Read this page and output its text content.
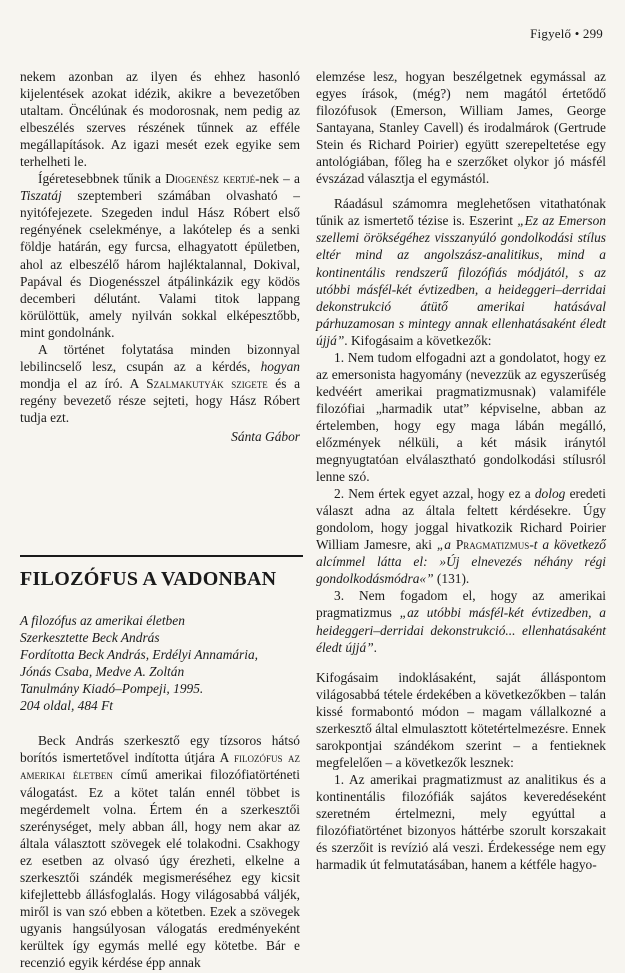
Figyelő • 299

nekem azonban az ilyen és ehhez hasonló kijelentések azokat idézik, akikre a bevezetőben utaltam. Öncélúnak és modorosnak, nem pedig az elbeszélés szerves részének tűnnek az efféle megállapítások. Az igazi mesét ezek egyike sem terhelheti le.

Ígéretesebbnek tűnik a Diogenész kertjé-nek – a Tiszatáj szeptemberi számában olvasható – nyitófejezete. Szegeden indul Hász Róbert első regényének cselekménye, a lakótelep és a senki földje határán, egy furcsa, elhagyatott épületben, ahol az elbeszélő három hajléktalannal, Dokival, Papával és Diogenésszel átpálinkázik egy ködös decemberi délutánt. Valami titok lappang körülöttük, amely nyilván sokkal elképesztőbb, mint gondolnánk.

A történet folytatása minden bizonnyal lebilincselő lesz, csupán az a kérdés, hogyan mondja el az író. A Szalmakutyák szigete és a regény bevezető része sejteti, hogy Hász Róbert tudja ezt.

Sánta Gábor

FILOZÓFUS A VADONBAN

A filozófus az amerikai életben
Szerkesztette Beck András
Fordította Beck András, Erdélyi Annamária,
Jónás Csaba, Medve A. Zoltán
Tanulmány Kiadó–Pompeji, 1995.
204 oldal, 484 Ft

Beck András szerkesztő egy tízsoros hátsó borítós ismertetővel indította útjára A filozófus az amerikai életben című amerikai filozófiatörténeti válogatást. Ez a kötet talán ennél többet is megérdemelt volna. Értem én a szerkesztői szerénységet, mely abban áll, hogy nem akar az általa választott szövegek elé tolakodni. Csakhogy ez esetben az olvasó úgy érezheti, elkelne a szerkesztői szándék megismeréséhez egy kicsit kifejlettebb állásfoglalás. Hogy világosabbá váljék, miről is van szó ebben a kötetben. Ezek a szövegek ugyanis hangsúlyosan válogatás eredményeként kerültek így egymás mellé egy kötetbe. Bár e recenzió egyik kérdése épp annak

elemzése lesz, hogyan beszélgetnek egymással az egyes írások, (még?) nem magától értetődő filozófusok (Emerson, William James, George Santayana, Stanley Cavell) és irodalmárok (Gertrude Stein és Richard Poirier) együtt szerepeltetése egy antológiában, főleg ha e szerzőket olykor jó másfél évszázad választja el egymástól.

Ráadásul számomra meglehetősen vitathatónak tűnik az ismertető tézise is. Eszerint „Ez az Emerson szellemi örökségéhez visszanyúló gondolkodási stílus eltér mind az angolszász-analitikus, mind a kontinentális rendszerű filozófiás módjától, s az utóbbi másfél-két évtizedben, a heideggeri–derridai dekonstrukció átütő amerikai hatásával párhuzamosan s mintegy annak ellenhatásaként éledt újjá”. Kifogásaim a következők:

1. Nem tudom elfogadni azt a gondolatot, hogy ez az emersonista hagyomány (nevezzük az egyszerűség kedvéért amerikai pragmatizmusnak) valamiféle filozófiai „harmadik utat” képviselne, abban az értelemben, hogy egy maga lábán megálló, előzmények nélküli, a két másik iránytól megnyugtatóan elválasztható gondolkodási stílusról lenne szó.

2. Nem értek egyet azzal, hogy ez a dolog eredeti választ adna az általa feltett kérdésekre. Úgy gondolom, hogy joggal hivatkozik Richard Poirier William Jamesre, aki „a Pragmatizmus-t a következő alcímmel látta el: »Új elnevezés néhány régi gondolkodásmódra«” (131).

3. Nem fogadom el, hogy az amerikai pragmatizmus „az utóbbi másfél-két évtizedben, a heideggeri–derridai dekonstrukció... ellenhatásaként éledt újjá”.

Kifogásaim indoklásaként, saját álláspontom világosabbá tétele érdekében a következőkben – talán kissé formabontó módon – magam vállalkozné a szerkesztő által elmulasztott kötetértelmezésre. Ennek sarokpontjai szándékom szerint – a fentieknek megfelelően – a következők lesznek:

1. Az amerikai pragmatizmust az analitikus és a kontinentális filozófiák sajátos keveredéseként szeretném értelmezni, mely egyúttal a filozófiatörténet bizonyos háttérbe szorult korszakait és szerzőit is revízió alá veszi. Érdekessége nem egy harmadik út felmutatásában, hanem a kétféle hagyo-
